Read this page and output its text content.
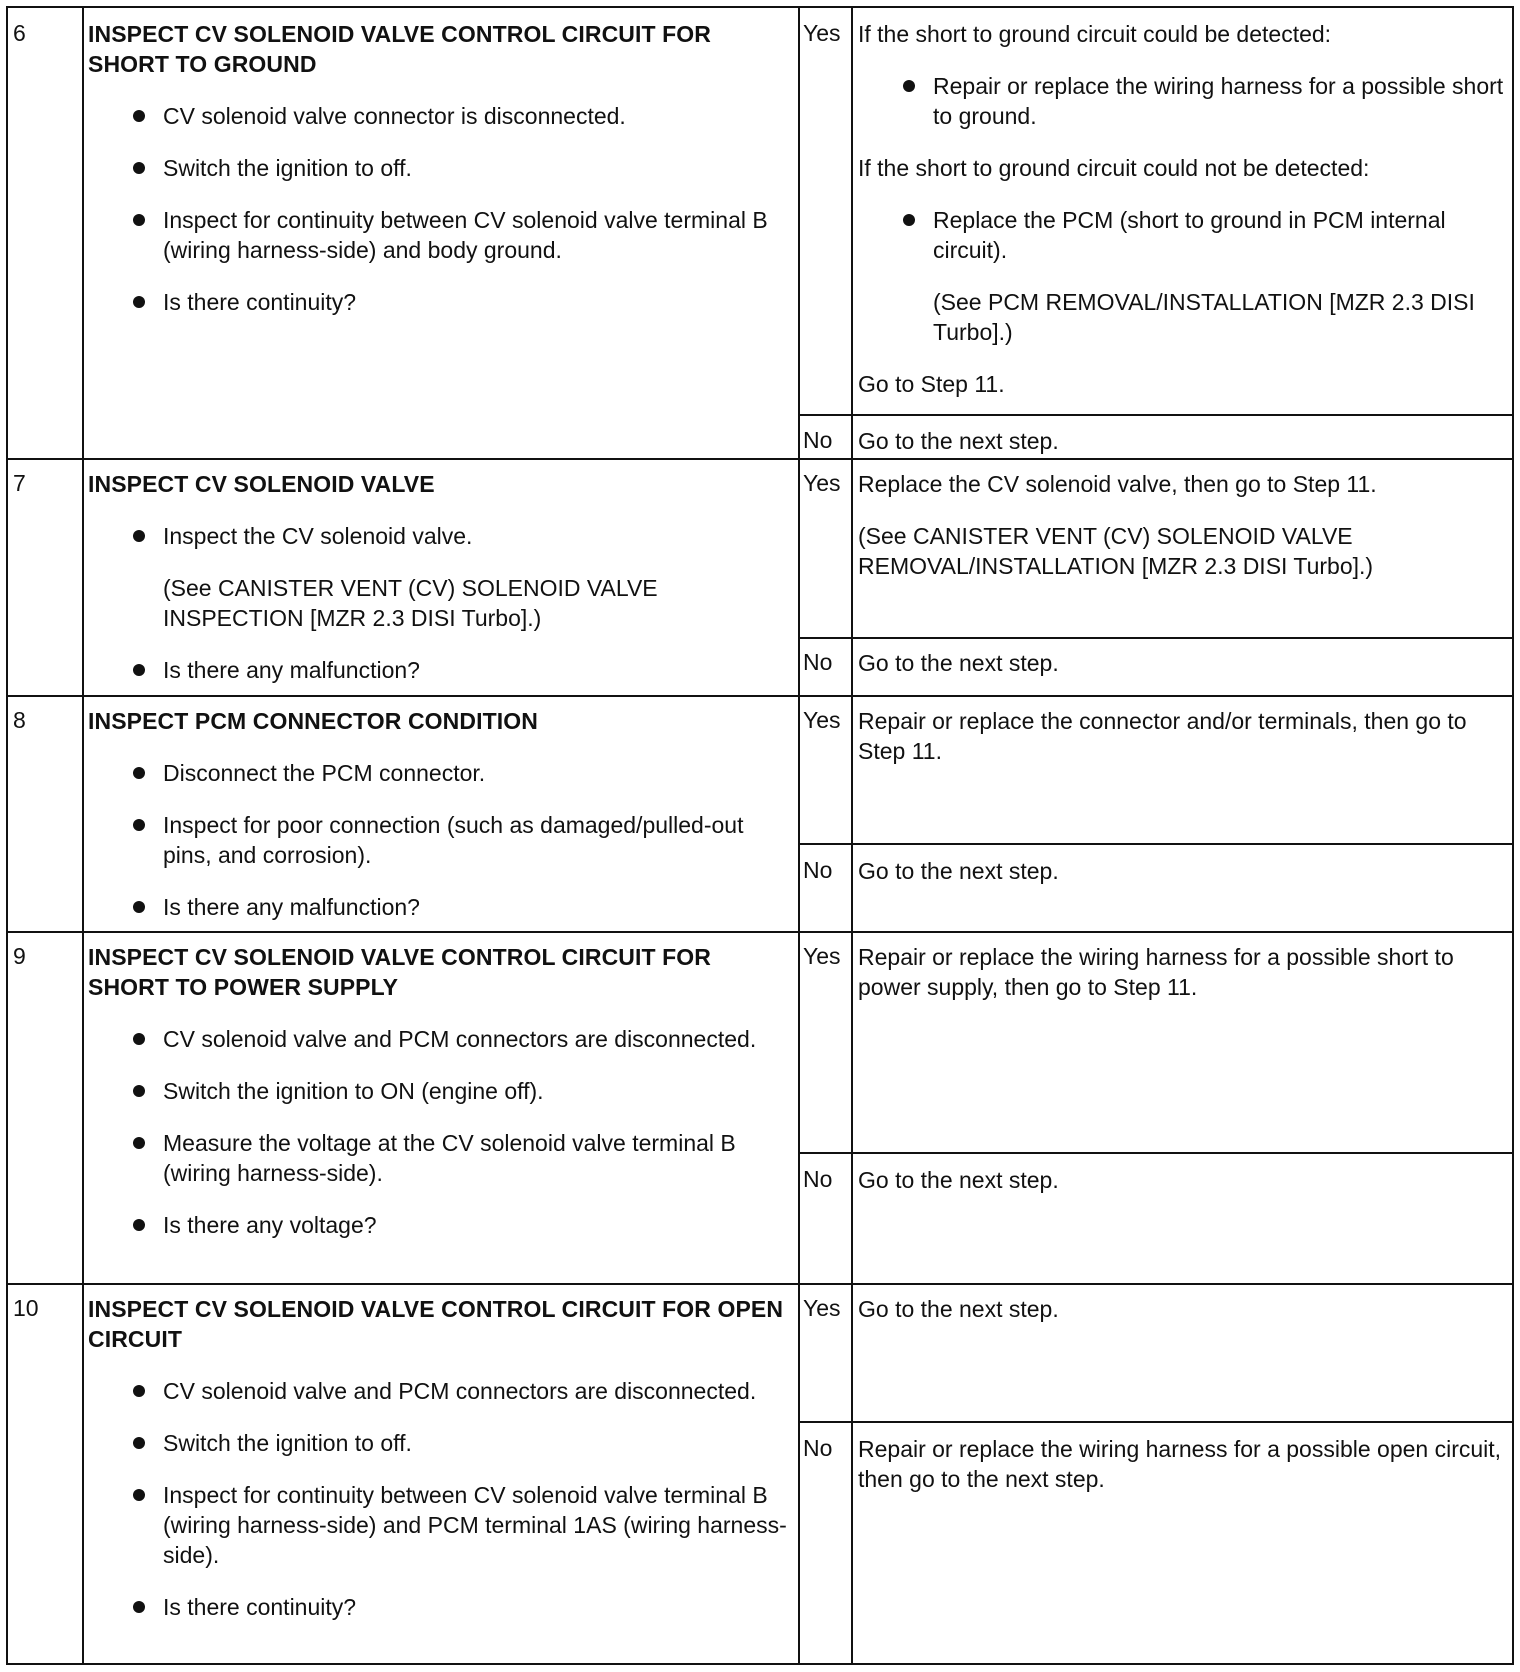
6	INSPECT CV SOLENOID VALVE CONTROL CIRCUIT FOR SHORT TO GROUND
CV solenoid valve connector is disconnected.
Switch the ignition to off.
Inspect for continuity between CV solenoid valve terminal B (wiring harness-side) and body ground.
Is there continuity?
Yes If the short to ground circuit could be detected:
Repair or replace the wiring harness for a possible short to ground.
If the short to ground circuit could not be detected:
Replace the PCM (short to ground in PCM internal circuit).
(See PCM REMOVAL/INSTALLATION [MZR 2.3 DISI Turbo].)
Go to Step 11.
No Go to the next step.
7	INSPECT CV SOLENOID VALVE
Inspect the CV solenoid valve.
(See CANISTER VENT (CV) SOLENOID VALVE INSPECTION [MZR 2.3 DISI Turbo].)
Is there any malfunction?
Yes Replace the CV solenoid valve, then go to Step 11.
(See CANISTER VENT (CV) SOLENOID VALVE REMOVAL/INSTALLATION [MZR 2.3 DISI Turbo].)
No Go to the next step.
8	INSPECT PCM CONNECTOR CONDITION
Disconnect the PCM connector.
Inspect for poor connection (such as damaged/pulled-out pins, and corrosion).
Is there any malfunction?
Yes Repair or replace the connector and/or terminals, then go to Step 11.
No Go to the next step.
9	INSPECT CV SOLENOID VALVE CONTROL CIRCUIT FOR SHORT TO POWER SUPPLY
CV solenoid valve and PCM connectors are disconnected.
Switch the ignition to ON (engine off).
Measure the voltage at the CV solenoid valve terminal B (wiring harness-side).
Is there any voltage?
Yes Repair or replace the wiring harness for a possible short to power supply, then go to Step 11.
No Go to the next step.
10 INSPECT CV SOLENOID VALVE CONTROL CIRCUIT FOR OPEN CIRCUIT
CV solenoid valve and PCM connectors are disconnected.
Switch the ignition to off.
Inspect for continuity between CV solenoid valve terminal B (wiring harness-side) and PCM terminal 1AS (wiring harness-side).
Is there continuity?
Yes Go to the next step.
No Repair or replace the wiring harness for a possible open circuit, then go to the next step.
